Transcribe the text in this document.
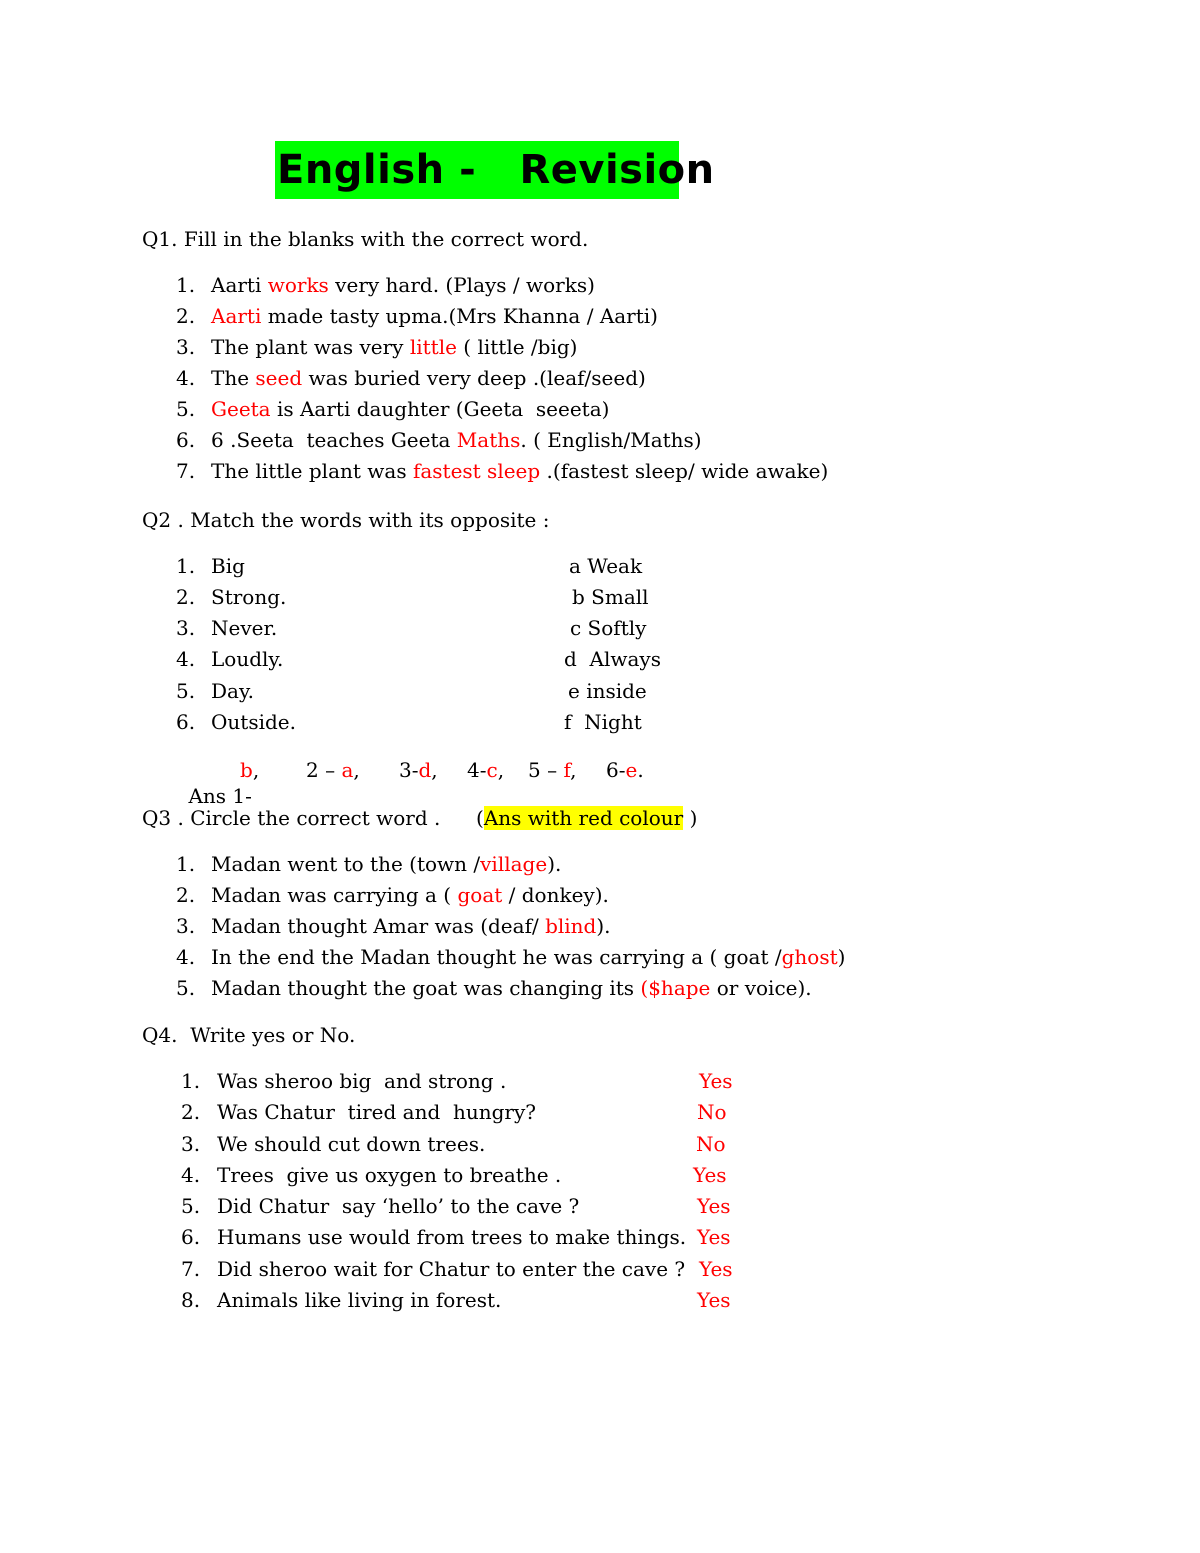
English -   Revision
Q1. Fill in the blanks with the correct word.
1. Aarti works very hard. (Plays / works)
2. Aarti made tasty upma.(Mrs Khanna / Aarti)
3. The plant was very little ( little /big)
4. The seed was buried very deep .(leaf/seed)
5. Geeta is Aarti daughter (Geeta  seeeta)
6. 6 .Seeta  teaches Geeta Maths. ( English/Maths)
7. The little plant was fastest sleep .(fastest sleep/ wide awake)
Q2 . Match the words with its opposite :
1. Big	a Weak
2. Strong.	b Small
3. Never.	c Softly
4. Loudly.	d  Always
5. Day.	e inside
6. Outside.	f  Night

Ans 1-

b, 2 – a, 3-d, 4-c, 5 – f, 6-e.
Q3 . Circle the correct word . (Ans with red colour )
1. Madan went to the (town /village).
2. Madan was carrying a ( goat / donkey).
3. Madan thought Amar was (deaf/ blind).
4. In the end the Madan thought he was carrying a ( goat /ghost)
5. Madan thought the goat was changing its ($hape or voice).
Q4.  Write yes or No.
1. Was sheroo big  and strong .	Yes
2. Was Chatur  tired and  hungry?	No
3. We should cut down trees.	No
4. Trees  give us oxygen to breathe .	Yes
5. Did Chatur  say ‘hello’ to the cave ?	Yes
6. Humans use would from trees to make things. Yes
7. Did sheroo wait for Chatur to enter the cave ? Yes
8. Animals like living in forest.	Yes
